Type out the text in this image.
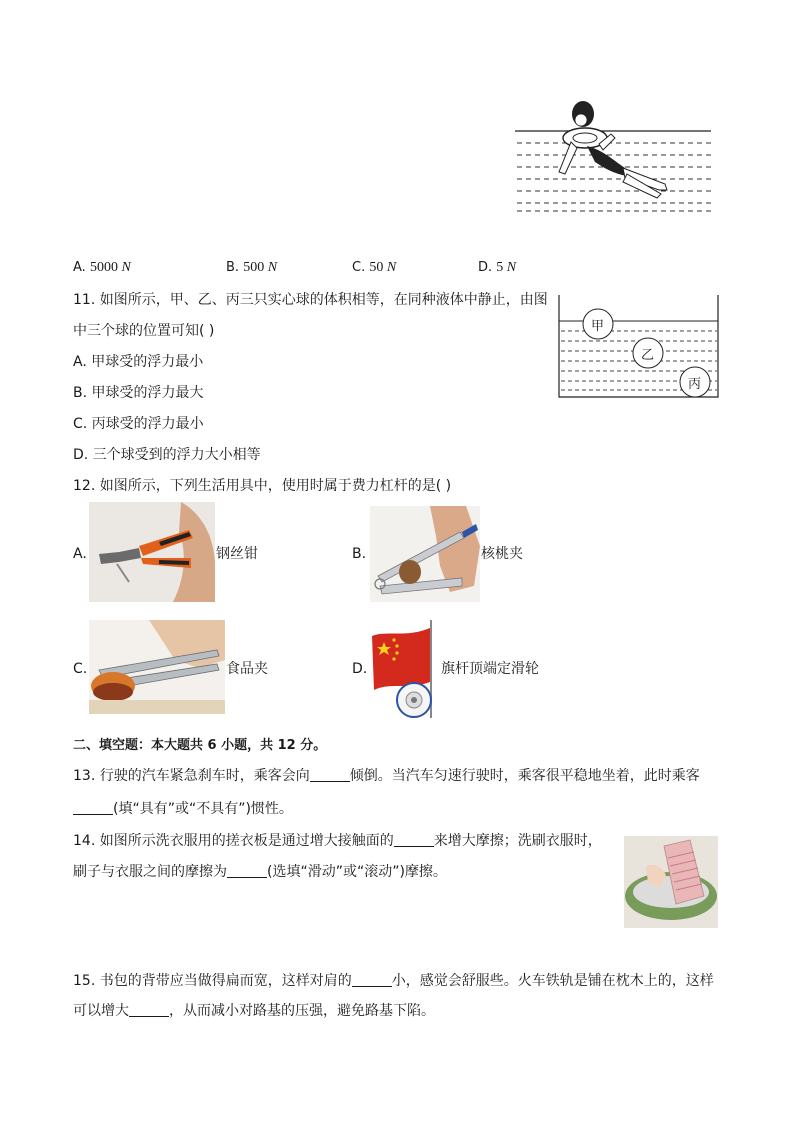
A. 5000 N	B. 500 N	C. 50 N	D. 5 N
11. 如图所示，甲、乙、丙三只实心球的体积相等，在同种液体中静止，由图
中三个球的位置可知( )
A. 甲球受的浮力最小
B. 甲球受的浮力最大
C. 丙球受的浮力最小
D. 三个球受到的浮力大小相等
甲
乙
丙
12. 如图所示，下列生活用具中，使用时属于费力杠杆的是( )
A.	钢丝钳	B.	核桃夹
C.	食品夹	D.	旗杆顶端定滑轮
二、填空题：本大题共 6 小题，共 12 分。
13. 行驶的汽车紧急刹车时，乘客会向	倾倒。当汽车匀速行驶时，乘客很平稳地坐着，此时乘客
(填“具有”或“不具有”)惯性。
14. 如图所示洗衣服用的搓衣板是通过增大接触面的	来增大摩擦；洗刷衣服时，
刷子与衣服之间的摩擦为	(选填“滑动”或“滚动”)摩擦。
15. 书包的背带应当做得扁而宽，这样对肩的	小，感觉会舒服些。火车铁轨是铺在枕木上的，这样
可以增大	，从而减小对路基的压强，避免路基下陷。
